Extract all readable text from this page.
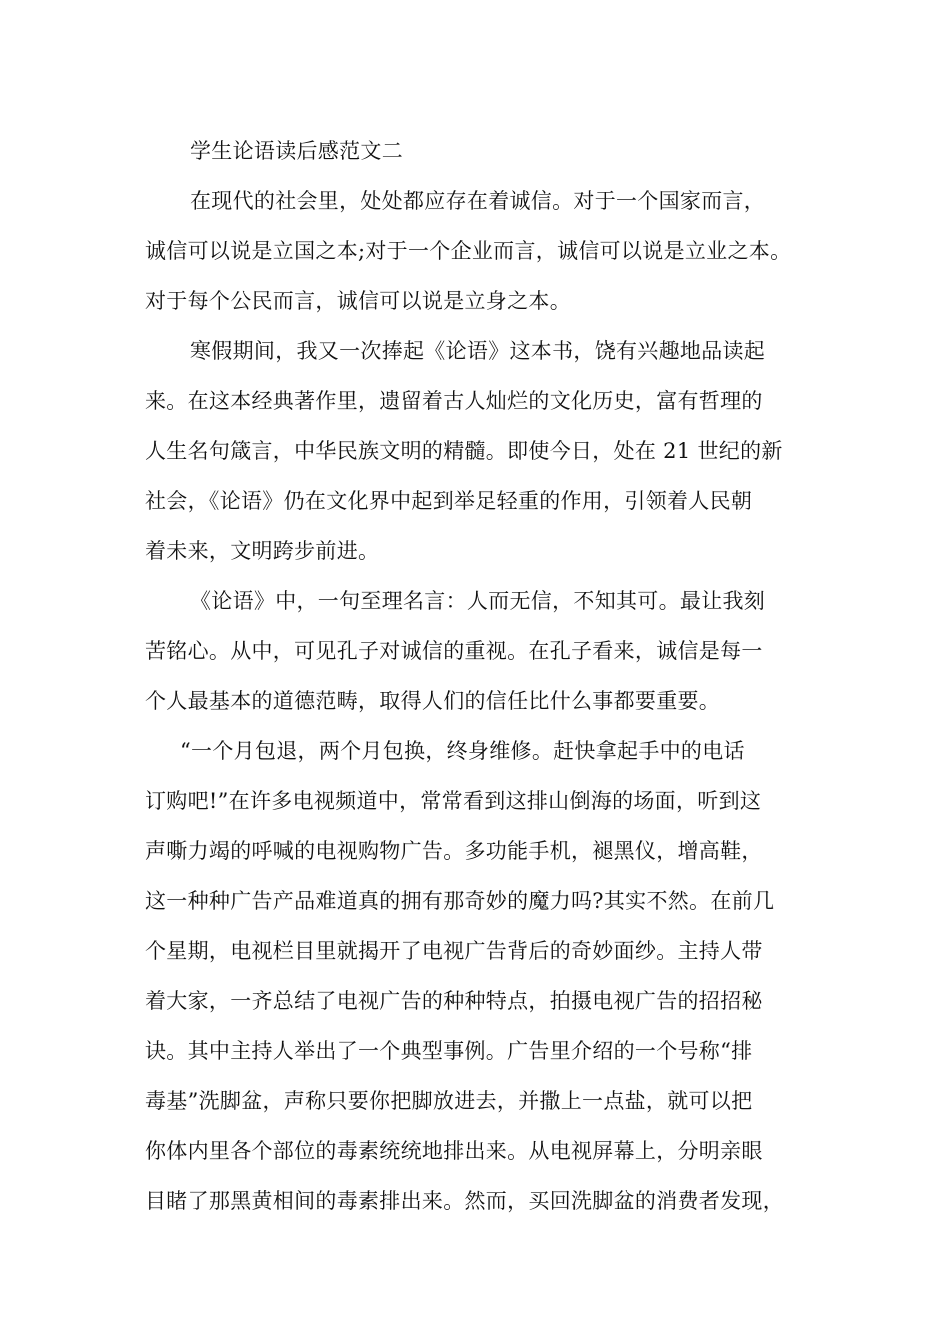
学生论语读后感范文二

在现代的社会里，处处都应存在着诚信。对于一个国家而言，

诚信可以说是立国之本;对于一个企业而言，诚信可以说是立业之本。

对于每个公民而言，诚信可以说是立身之本。

寒假期间，我又一次捧起《论语》这本书，饶有兴趣地品读起

来。在这本经典著作里，遗留着古人灿烂的文化历史，富有哲理的

人生名句箴言，中华民族文明的精髓。即使今日，处在 21 世纪的新

社会，《论语》仍在文化界中起到举足轻重的作用，引领着人民朝

着未来，文明跨步前进。

《论语》中，一句至理名言：人而无信，不知其可。最让我刻

苦铭心。从中，可见孔子对诚信的重视。在孔子看来，诚信是每一

个人最基本的道德范畴，取得人们的信任比什么事都要重要。

“一个月包退，两个月包换，终身维修。赶快拿起手中的电话

订购吧!”在许多电视频道中，常常看到这排山倒海的场面，听到这

声嘶力竭的呼喊的电视购物广告。多功能手机，褪黑仪，增高鞋，

这一种种广告产品难道真的拥有那奇妙的魔力吗?其实不然。在前几

个星期，电视栏目里就揭开了电视广告背后的奇妙面纱。主持人带

着大家，一齐总结了电视广告的种种特点，拍摄电视广告的招招秘

诀。其中主持人举出了一个典型事例。广告里介绍的一个号称“排

毒基”洗脚盆，声称只要你把脚放进去，并撒上一点盐，就可以把

你体内里各个部位的毒素统统地排出来。从电视屏幕上，分明亲眼

目睹了那黑黄相间的毒素排出来。然而，买回洗脚盆的消费者发现，
